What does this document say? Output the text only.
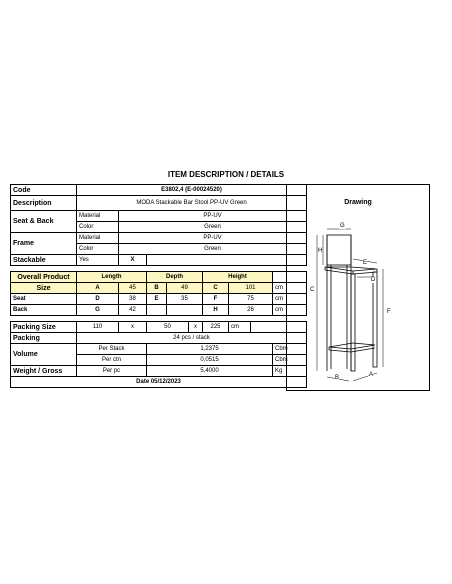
ITEM DESCRIPTION / DETAILS
Code	E3802,4 (E-00024520)								
Description	MODA Stackable Bar Stool PP-UV Green								
Seat & Back	Material	PP-UV							
	Color	Green							
Frame	Material	PP-UV							
	Color	Green							
Stackable	Yes	X							

Overall Product	Length		Depth			Height			
Size	A	45	B	49		C	101		cm
Seat	D	38	E	35		F	75		cm
Back	G	42				H	26		cm

Packing Size	110	x	50		x	225	cm		
Packing	24 pcs / stack								
Volume	Per Stack		1,2375						Cbm
	Per ctn		0,0515						Cbm
Weight / Gross	Per pc		5,4000						Kg
Date 05/12/2023									
Drawing
G
H
C
E
D
F
B	A
